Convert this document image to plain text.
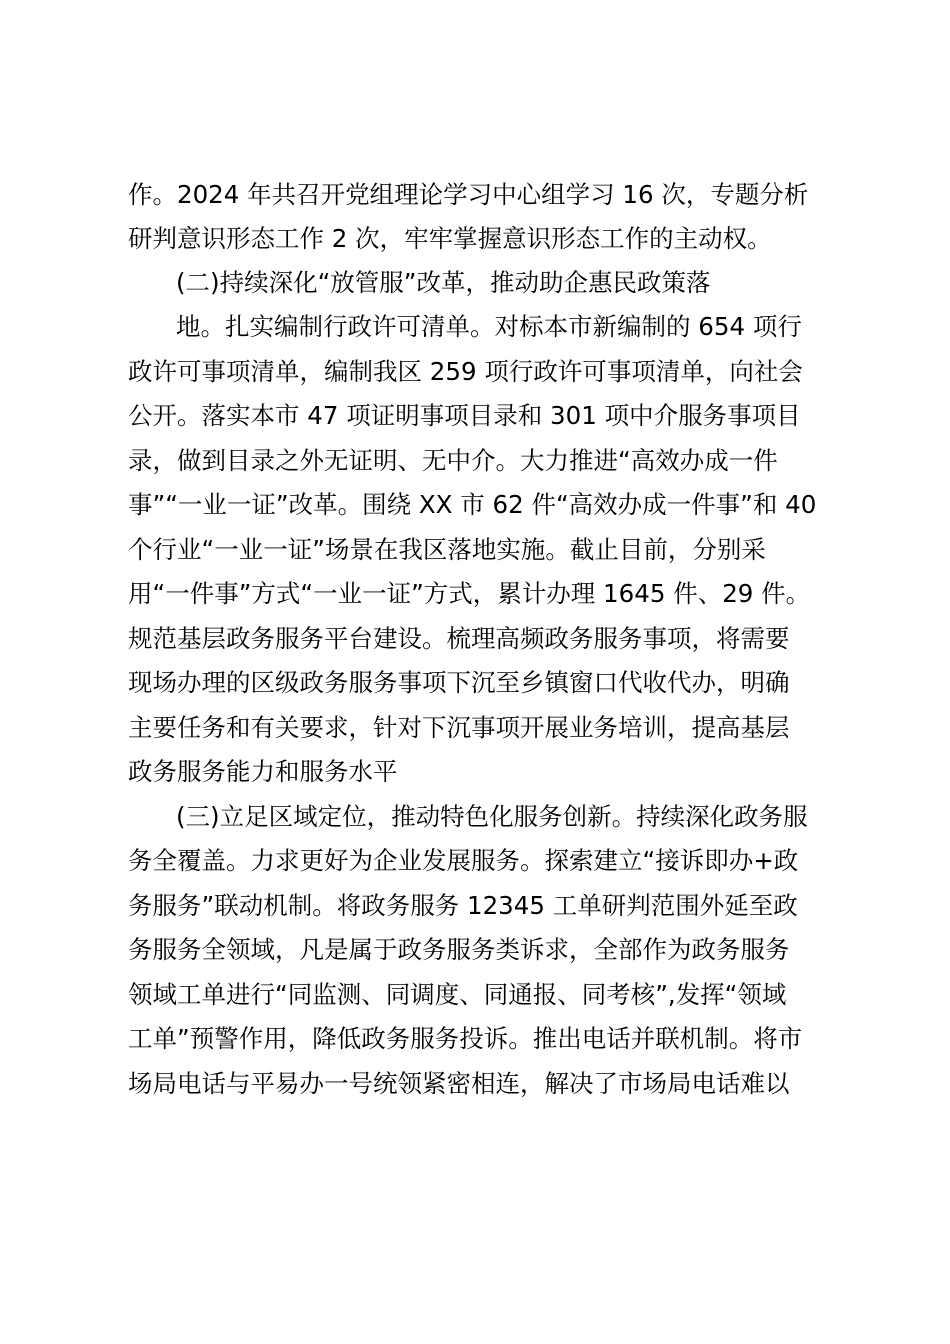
作。2024 年共召开党组理论学习中心组学习 16 次，专题分析
研判意识形态工作 2 次，牢牢掌握意识形态工作的主动权。
(二)持续深化“放管服”改革，推动助企惠民政策落
地。扎实编制行政许可清单。对标本市新编制的 654 项行
政许可事项清单，编制我区 259 项行政许可事项清单，向社会
公开。落实本市 47 项证明事项目录和 301 项中介服务事项目
录，做到目录之外无证明、无中介。大力推进“高效办成一件
事”“一业一证”改革。围绕 XX 市 62 件“高效办成一件事”和 40
个行业“一业一证”场景在我区落地实施。截止目前，分别采
用“一件事”方式“一业一证”方式，累计办理 1645 件、29 件。
规范基层政务服务平台建设。梳理高频政务服务事项，将需要
现场办理的区级政务服务事项下沉至乡镇窗口代收代办，明确
主要任务和有关要求，针对下沉事项开展业务培训，提高基层
政务服务能力和服务水平
(三)立足区域定位，推动特色化服务创新。持续深化政务服
务全覆盖。力求更好为企业发展服务。探索建立“接诉即办+政
务服务”联动机制。将政务服务 12345 工单研判范围外延至政
务服务全领域，凡是属于政务服务类诉求，全部作为政务服务
领域工单进行“同监测、同调度、同通报、同考核”,发挥“领域
工单”预警作用，降低政务服务投诉。推出电话并联机制。将市
场局电话与平易办一号统领紧密相连，解决了市场局电话难以
